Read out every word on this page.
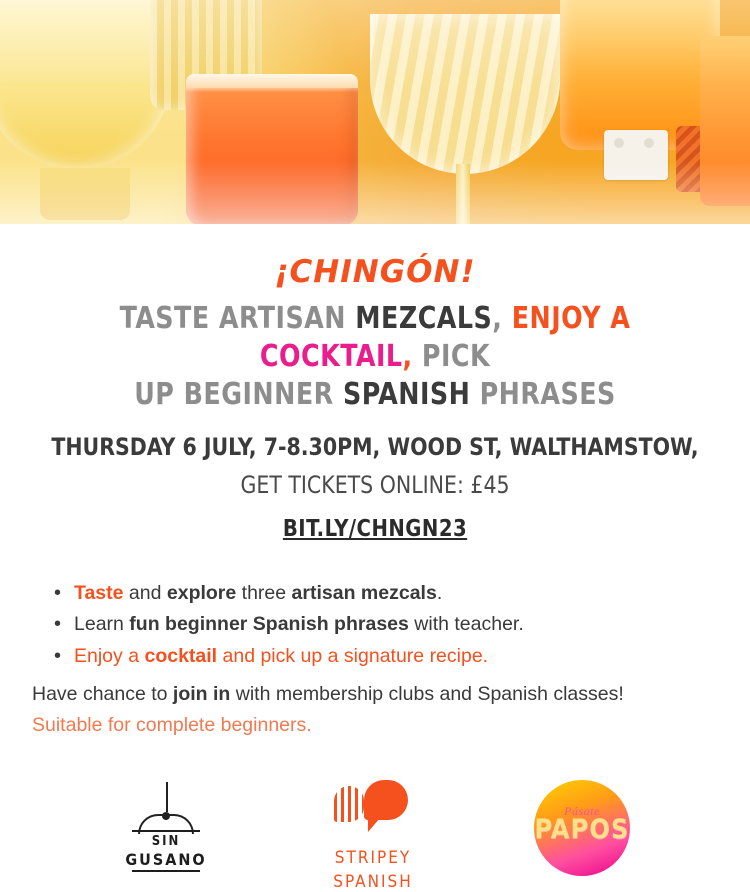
¡CHINGÓN!
TASTE ARTISAN MEZCALS, ENJOY A COCKTAIL, PICK
UP BEGINNER SPANISH PHRASES
THURSDAY 6 JULY, 7-8.30PM, WOOD ST, WALTHAMSTOW,
GET TICKETS ONLINE: £45
BIT.LY/CHNGN23
• Taste and explore three artisan mezcals.
• Learn fun beginner Spanish phrases with teacher.
• Enjoy a cocktail and pick up a signature recipe.
Have chance to join in with membership clubs and Spanish classes!
Suitable for complete beginners.
SIN
GUSANO	STRIPEY
SPANISH
Pásate
PAPOS
